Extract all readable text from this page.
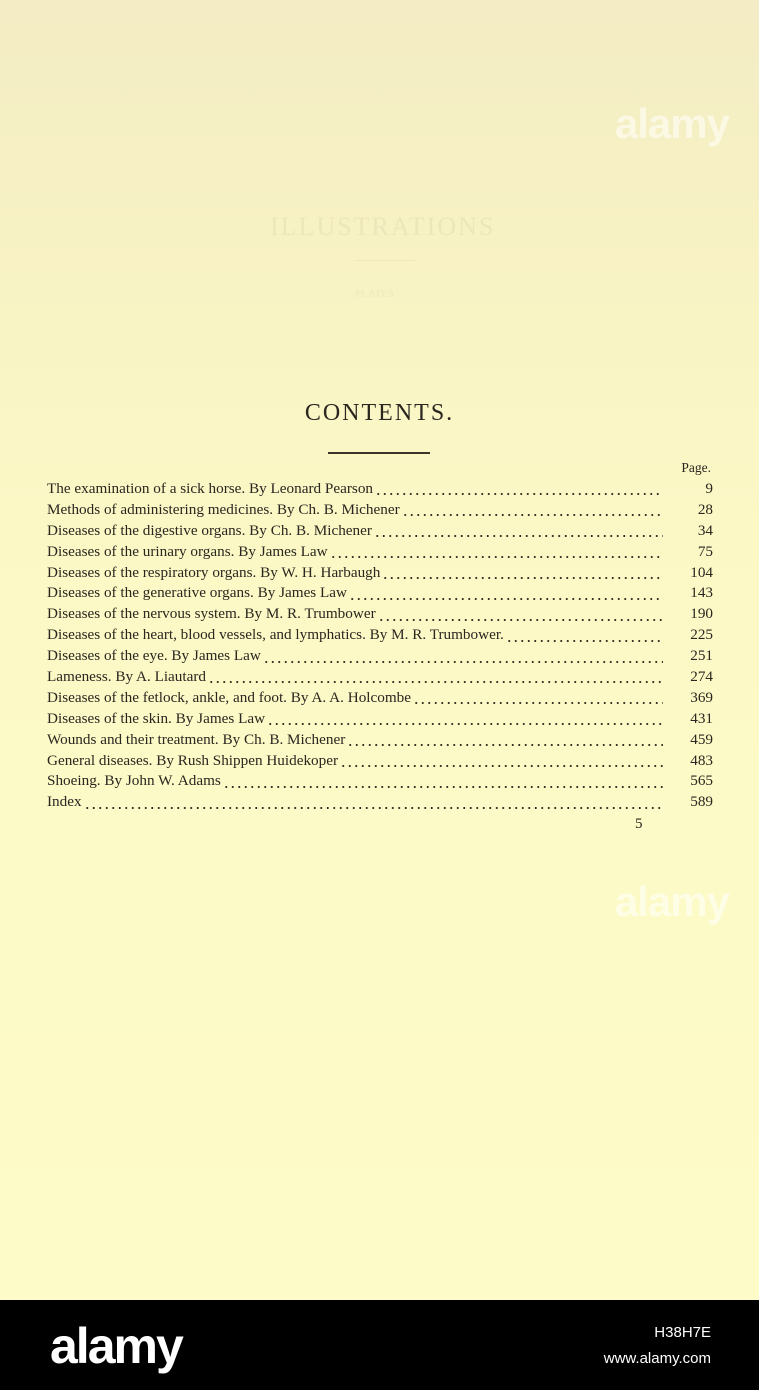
ILLUSTRATIONS
PLATES
alamy
alamy
CONTENTS.
Page.
The examination of a sick horse. By Leonard Pearson	9
Methods of administering medicines. By Ch. B. Michener	28
Diseases of the digestive organs. By Ch. B. Michener	34
Diseases of the urinary organs. By James Law	75
Diseases of the respiratory organs. By W. H. Harbaugh	104
Diseases of the generative organs. By James Law	143
Diseases of the nervous system. By M. R. Trumbower	190
Diseases of the heart, blood vessels, and lymphatics. By M. R. Trumbower.	225
Diseases of the eye. By James Law	251
Lameness. By A. Liautard	274
Diseases of the fetlock, ankle, and foot. By A. A. Holcombe	369
Diseases of the skin. By James Law	431
Wounds and their treatment. By Ch. B. Michener	459
General diseases. By Rush Shippen Huidekoper	483
Shoeing. By John W. Adams	565
Index	589
5
alamy	H38H7E
www.alamy.com
